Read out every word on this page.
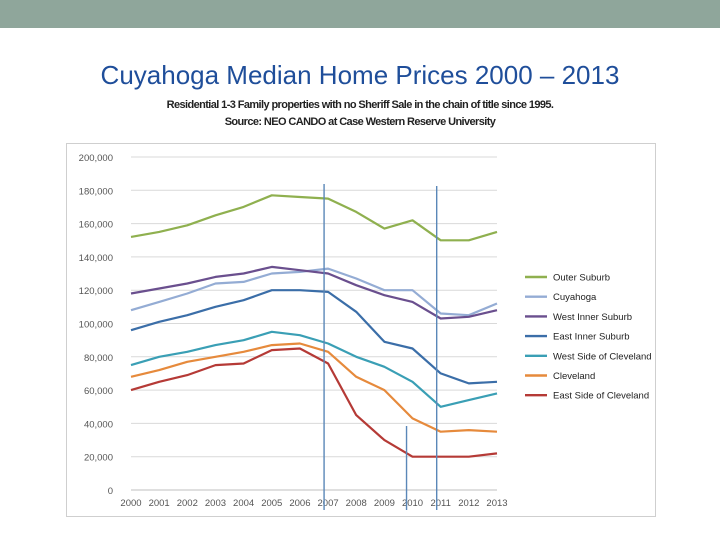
Cuyahoga Median Home Prices 2000 – 2013
Residential 1-3 Family properties with no Sheriff Sale in the chain of title since 1995.
Source: NEO CANDO at Case Western Reserve University
0
20,000
40,000
60,000
80,000
100,000
120,000
140,000
160,000
180,000
200,000
2000 2001 2002 2003 2004 2005 2006 2007 2008 2009 2010 2011 2012 2013
Outer Suburb
Cuyahoga
West Inner Suburb
East Inner Suburb
West Side of Cleveland
Cleveland
East Side of Cleveland
